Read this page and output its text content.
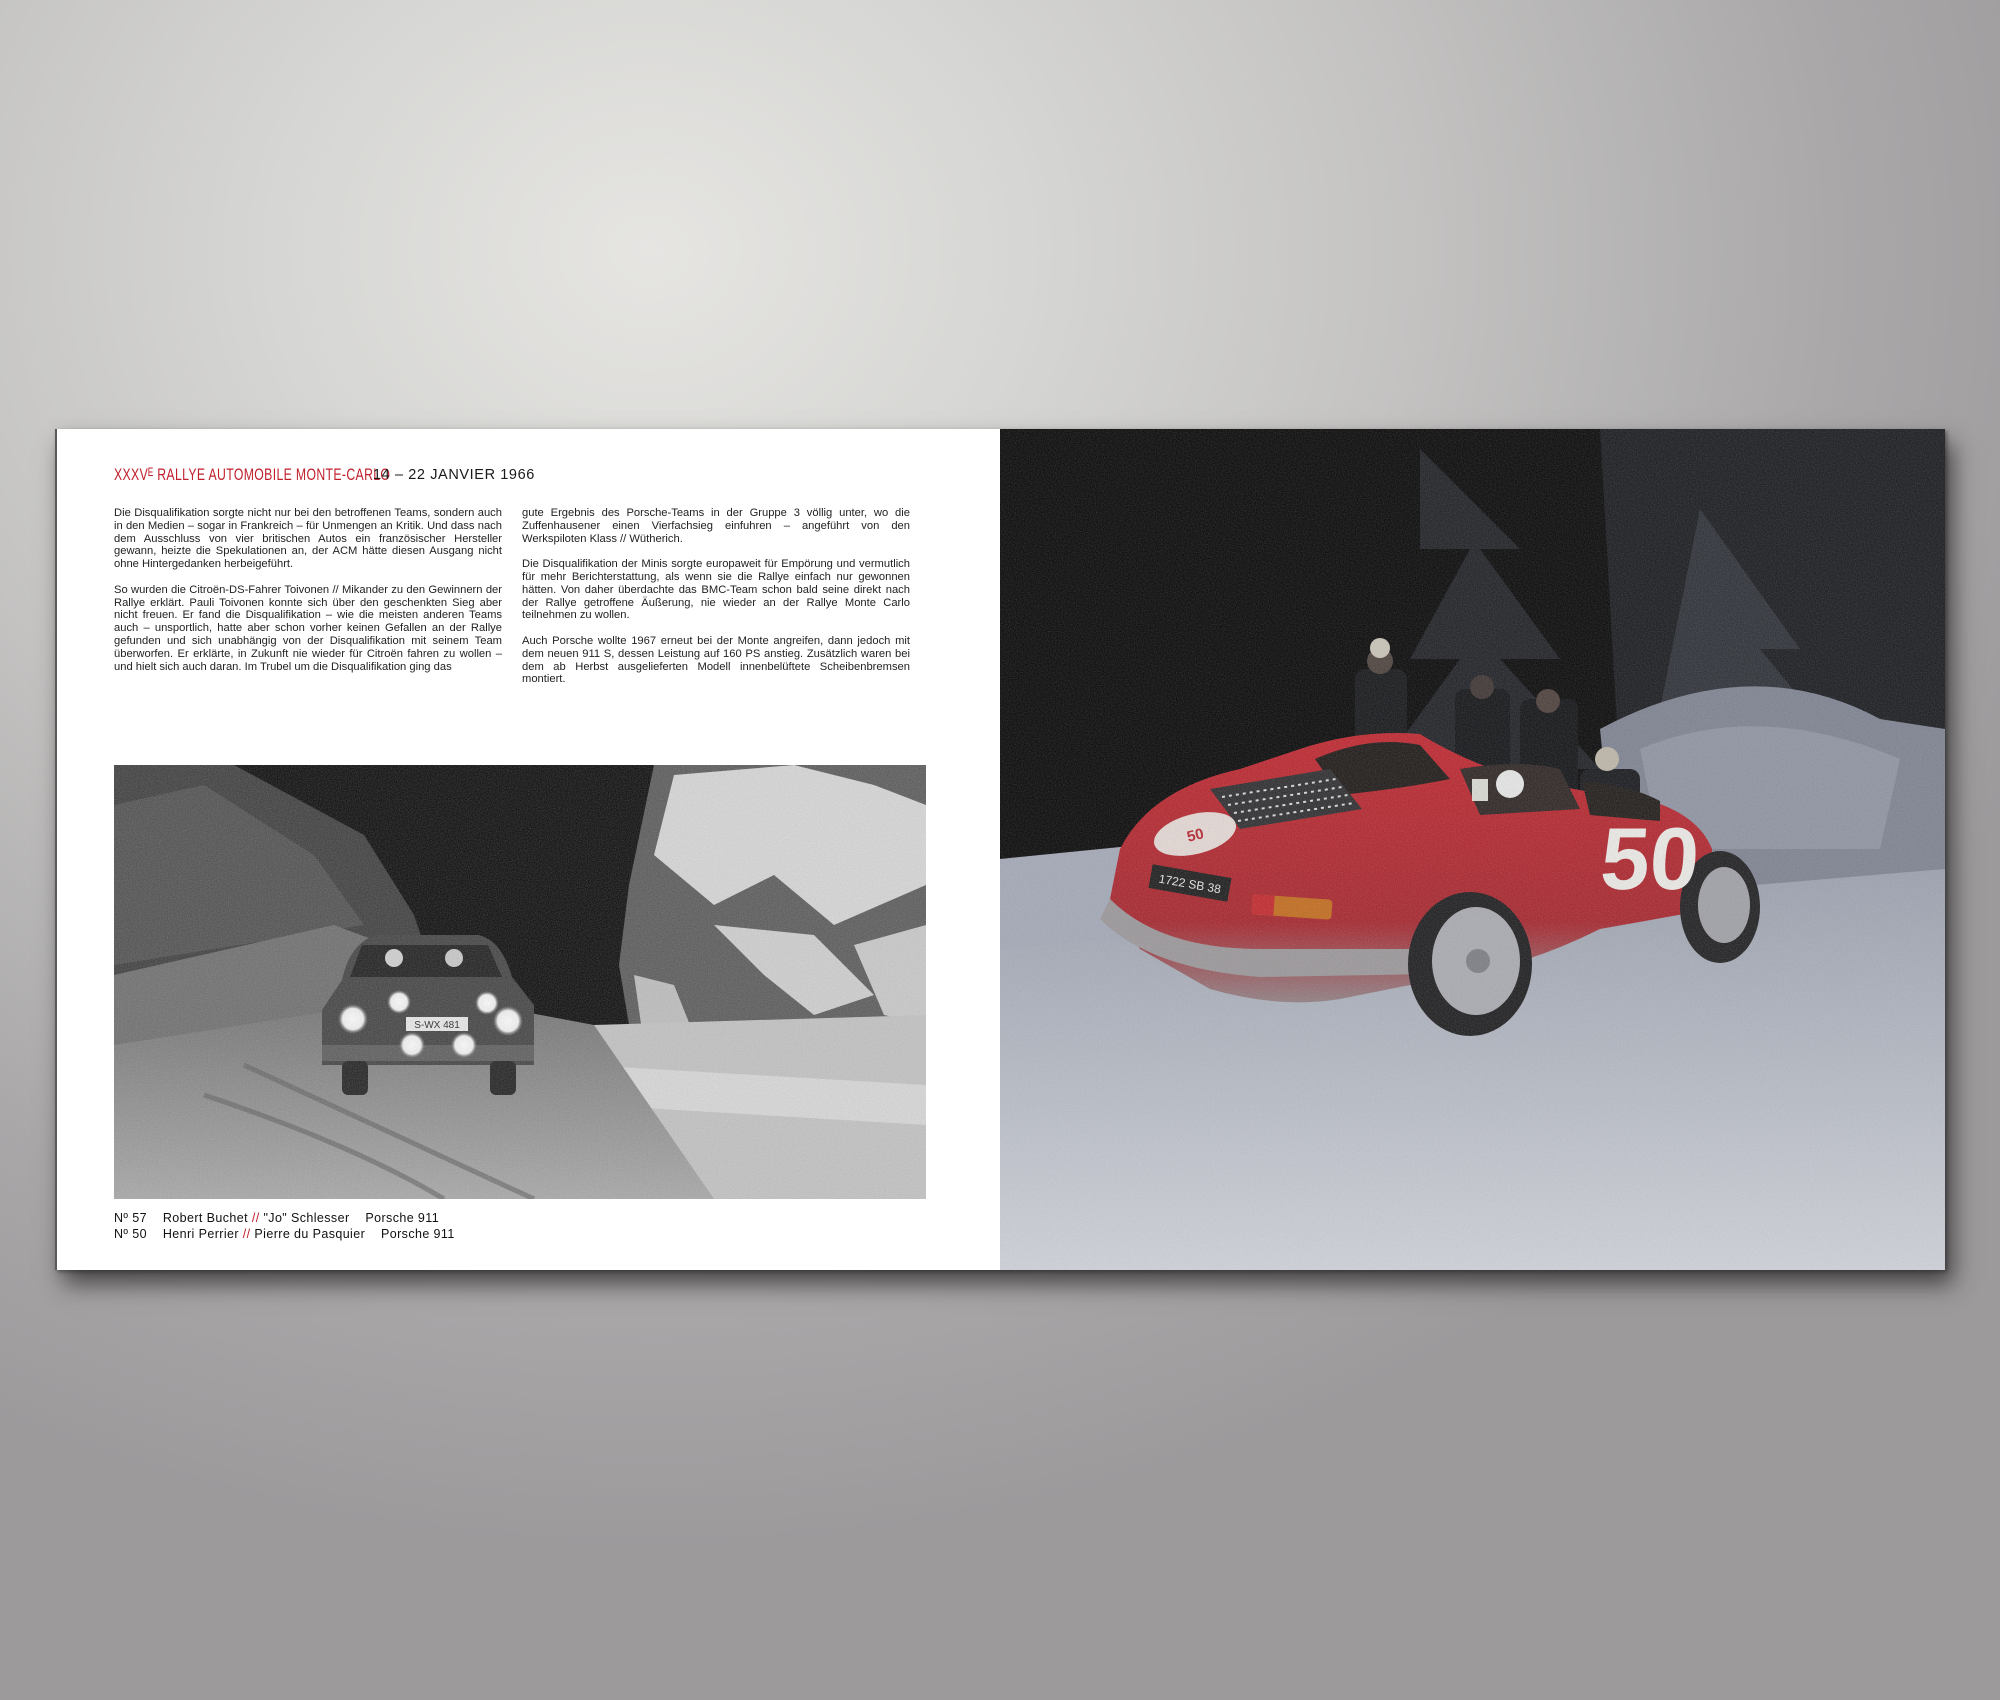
XXXVᴱ RALLYE AUTOMOBILE MONTE-CARLO
14 – 22 JANVIER 1966

Die Disqualifikation sorgte nicht nur bei den betroffenen Teams, sondern auch in den Medien – sogar in Frankreich – für Unmengen an Kritik. Und dass nach dem Ausschluss von vier britischen Autos ein französischer Hersteller gewann, heizte die Spekulationen an, der ACM hätte diesen Ausgang nicht ohne Hintergedanken herbeigeführt.

So wurden die Citroën-DS-Fahrer Toivonen // Mikander zu den Gewinnern der Rallye erklärt. Pauli Toivonen konnte sich über den geschenkten Sieg aber nicht freuen. Er fand die Disqualifikation – wie die meisten anderen Teams auch – unsportlich, hatte aber schon vorher keinen Gefallen an der Rallye gefunden und sich unabhängig von der Disqualifikation mit seinem Team überworfen. Er erklärte, in Zukunft nie wieder für Citroën fahren zu wollen – und hielt sich auch daran. Im Trubel um die Disqualifikation ging das

gute Ergebnis des Porsche-Teams in der Gruppe 3 völlig unter, wo die Zuffenhausener einen Vierfachsieg einfuhren – angeführt von den Werkspiloten Klass // Wütherich.

Die Disqualifikation der Minis sorgte europaweit für Empörung und vermutlich für mehr Berichterstattung, als wenn sie die Rallye einfach nur gewonnen hätten. Von daher überdachte das BMC-Team schon bald seine direkt nach der Rallye getroffene Äußerung, nie wieder an der Rallye Monte Carlo teilnehmen zu wollen.

Auch Porsche wollte 1967 erneut bei der Monte angreifen, dann jedoch mit dem neuen 911 S, dessen Leistung auf 160 PS anstieg. Zusätzlich waren bei dem ab Herbst ausgelieferten Modell innenbelüftete Scheibenbremsen montiert.

Nº 57 Robert Buchet // "Jo" Schlesser Porsche 911
Nº 50 Henri Perrier // Pierre du Pasquier Porsche 911
